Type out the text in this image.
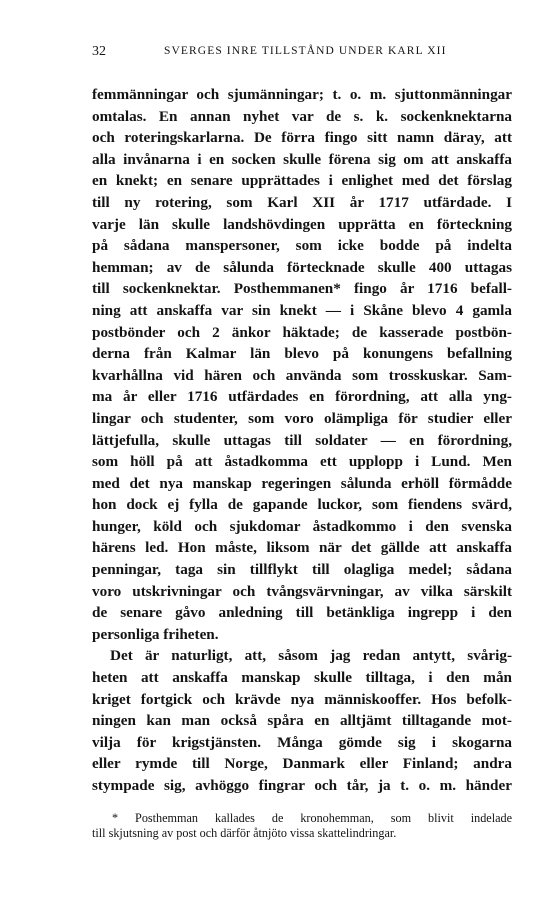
32	SVERGES INRE TILLSTÅND UNDER KARL XII
femmänningar och sjumänningar; t. o. m. sjuttonmänningar
omtalas. En annan nyhet var de s. k. sockenknektarna
och roteringskarlarna. De förra fingo sitt namn däray, att
alla invånarna i en socken skulle förena sig om att anskaffa
en knekt; en senare upprättades i enlighet med det förslag
till ny rotering, som Karl XII år 1717 utfärdade. I
varje län skulle landshövdingen upprätta en förteckning
på sådana manspersoner, som icke bodde på indelta
hemman; av de sålunda förtecknade skulle 400 uttagas
till sockenknektar. Posthemmanen* fingo år 1716 befall-
ning att anskaffa var sin knekt — i Skåne blevo 4 gamla
postbönder och 2 änkor häktade; de kasserade postbön-
derna från Kalmar län blevo på konungens befallning
kvarhållna vid hären och använda som trosskuskar. Sam-
ma år eller 1716 utfärdades en förordning, att alla yng-
lingar och studenter, som voro olämpliga för studier eller
lättjefulla, skulle uttagas till soldater — en förordning,
som höll på att åstadkomma ett upplopp i Lund. Men
med det nya manskap regeringen sålunda erhöll förmådde
hon dock ej fylla de gapande luckor, som fiendens svärd,
hunger, köld och sjukdomar åstadkommo i den svenska
härens led. Hon måste, liksom när det gällde att anskaffa
penningar, taga sin tillflykt till olagliga medel; sådana
voro utskrivningar och tvångsvärvningar, av vilka särskilt
de senare gåvo anledning till betänkliga ingrepp i den
personliga friheten.
Det är naturligt, att, såsom jag redan antytt, svårig-
heten att anskaffa manskap skulle tilltaga, i den mån
kriget fortgick och krävde nya människooffer. Hos befolk-
ningen kan man också spåra en alltjämt tilltagande mot-
vilja för krigstjänsten. Många gömde sig i skogarna
eller rymde till Norge, Danmark eller Finland; andra
stympade sig, avhöggo fingrar och tår, ja t. o. m. händer
* Posthemman kallades de kronohemman, som blivit indelade
till skjutsning av post och därför åtnjöto vissa skattelindringar.
